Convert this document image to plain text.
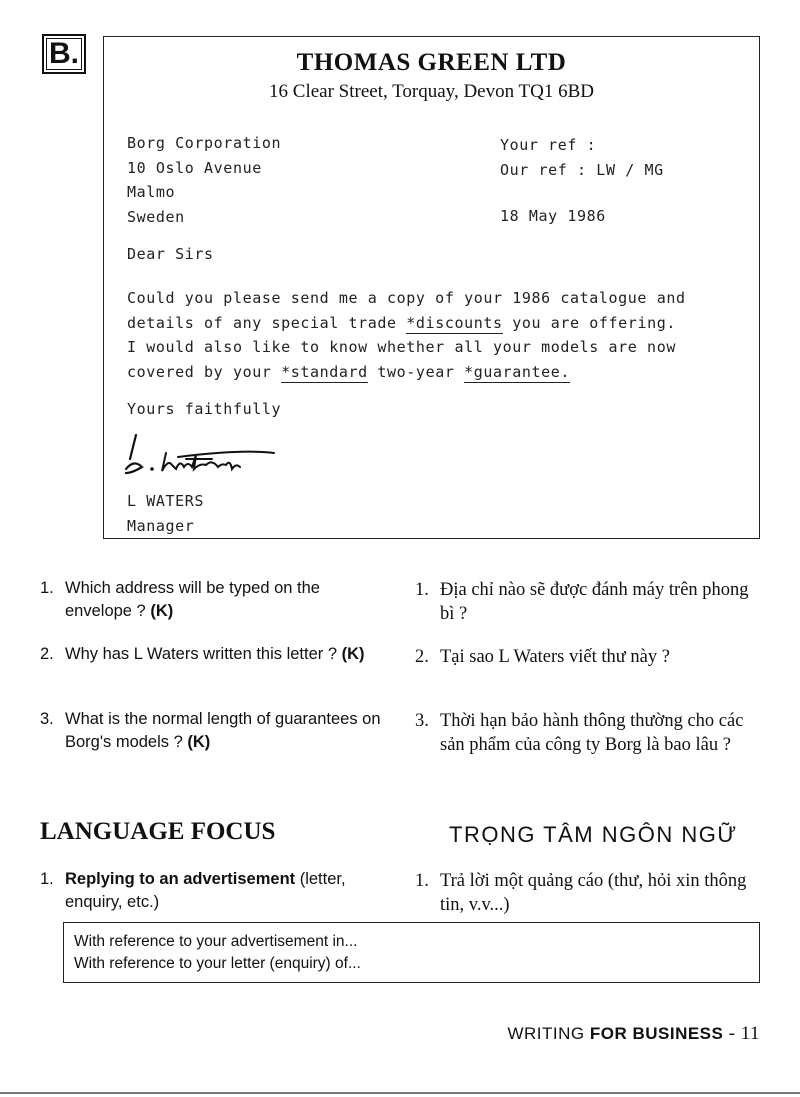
B.	THOMAS GREEN LTD
16 Clear Street, Torquay, Devon TQ1 6BD
Borg Corporation
10 Oslo Avenue
Malmo
Sweden
Your ref :
Our ref : LW / MG
18 May 1986
Dear Sirs
Could you please send me a copy of your 1986 catalogue and
details of any special trade *discounts you are offering.
I would also like to know whether all your models are now
covered by your *standard two-year *guarantee.
Yours faithfully
L WATERS
Manager
1. Which address will be typed on the envelope ? (K)
2. Why has L Waters written this letter ? (K)
3. What is the normal length of guarantees on Borg's models ? (K)
1. Địa chỉ nào sẽ được đánh máy trên phong bì ?
2. Tại sao L Waters viết thư này ?
3. Thời hạn bảo hành thông thường cho các sản phẩm của công ty Borg là bao lâu ?
LANGUAGE FOCUS	TRỌNG TÂM NGÔN NGỮ
1. Replying to an advertisement (letter, enquiry, etc.)
1. Trả lời một quảng cáo (thư, hỏi xin thông tin, v.v...)
With reference to your advertisement in...
With reference to your letter (enquiry) of...
WRITING FOR BUSINESS - 11
